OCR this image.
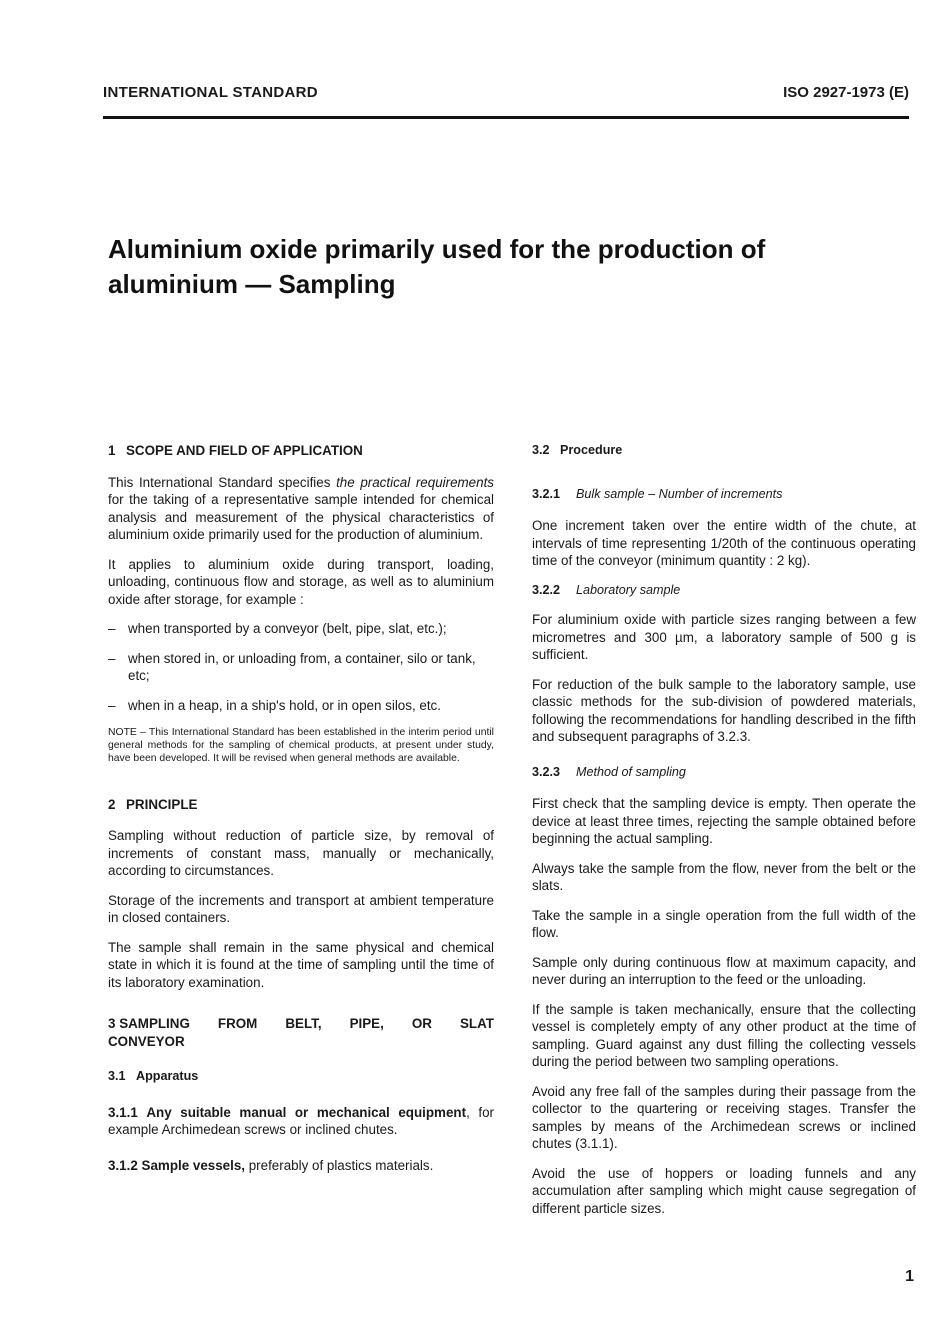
INTERNATIONAL STANDARD	ISO 2927-1973 (E)
Aluminium oxide primarily used for the production of
aluminium — Sampling
1 SCOPE AND FIELD OF APPLICATION

This International Standard specifies the practical requirements for the taking of a representative sample intended for chemical analysis and measurement of the physical characteristics of aluminium oxide primarily used for the production of aluminium.

It applies to aluminium oxide during transport, loading, unloading, continuous flow and storage, as well as to aluminium oxide after storage, for example :

– when transported by a conveyor (belt, pipe, slat, etc.);
– when stored in, or unloading from, a container, silo or tank, etc;
– when in a heap, in a ship's hold, or in open silos, etc.
NOTE – This International Standard has been established in the interim period until general methods for the sampling of chemical products, at present under study, have been developed. It will be revised when general methods are available.
2 PRINCIPLE

Sampling without reduction of particle size, by removal of increments of constant mass, manually or mechanically, according to circumstances.

Storage of the increments and transport at ambient temperature in closed containers.

The sample shall remain in the same physical and chemical state in which it is found at the time of sampling until the time of its laboratory examination.

3 SAMPLING FROM BELT, PIPE, OR SLAT
CONVEYOR
3.1 Apparatus

3.1.1 Any suitable manual or mechanical equipment, for example Archimedean screws or inclined chutes.

3.1.2 Sample vessels, preferably of plastics materials.

3.2 Procedure
3.2.1 Bulk sample – Number of increments

One increment taken over the entire width of the chute, at intervals of time representing 1/20th of the continuous operating time of the conveyor (minimum quantity : 2 kg).

3.2.2 Laboratory sample

For aluminium oxide with particle sizes ranging between a few micrometres and 300 µm, a laboratory sample of 500 g is sufficient.

For reduction of the bulk sample to the laboratory sample, use classic methods for the sub-division of powdered materials, following the recommendations for handling described in the fifth and subsequent paragraphs of 3.2.3.

3.2.3 Method of sampling

First check that the sampling device is empty. Then operate the device at least three times, rejecting the sample obtained before beginning the actual sampling.

Always take the sample from the flow, never from the belt or the slats.

Take the sample in a single operation from the full width of the flow.

Sample only during continuous flow at maximum capacity, and never during an interruption to the feed or the unloading.

If the sample is taken mechanically, ensure that the collecting vessel is completely empty of any other product at the time of sampling. Guard against any dust filling the collecting vessels during the period between two sampling operations.

Avoid any free fall of the samples during their passage from the collector to the quartering or receiving stages. Transfer the samples by means of the Archimedean screws or inclined chutes (3.1.1).

Avoid the use of hoppers or loading funnels and any accumulation after sampling which might cause segregation of different particle sizes.

1
